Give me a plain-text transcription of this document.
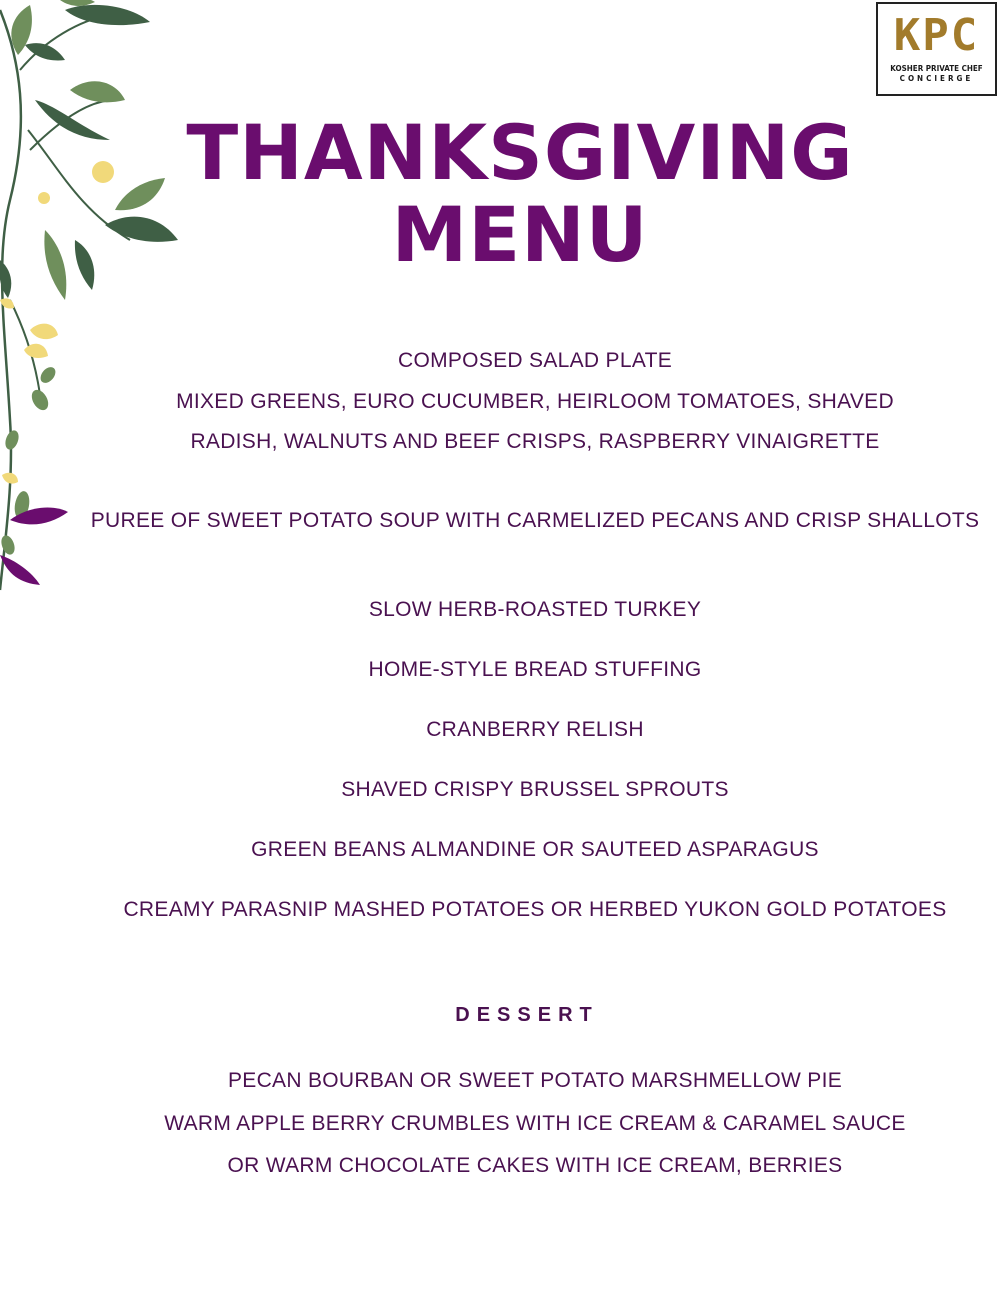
KPC
KOSHER PRIVATE CHEF
CONCIERGE
THANKSGIVING
MENU
COMPOSED SALAD PLATE
MIXED GREENS, EURO CUCUMBER, HEIRLOOM TOMATOES, SHAVED
RADISH, WALNUTS AND BEEF CRISPS, RASPBERRY VINAIGRETTE
PUREE OF SWEET POTATO SOUP WITH CARMELIZED PECANS AND CRISP SHALLOTS
SLOW HERB-ROASTED TURKEY
HOME-STYLE BREAD STUFFING
CRANBERRY RELISH
SHAVED CRISPY BRUSSEL SPROUTS
GREEN BEANS ALMANDINE OR SAUTEED ASPARAGUS
CREAMY PARASNIP MASHED POTATOES OR HERBED YUKON GOLD POTATOES
DESSERT
PECAN BOURBAN OR SWEET POTATO MARSHMELLOW PIE
WARM APPLE BERRY CRUMBLES WITH ICE CREAM & CARAMEL SAUCE
OR WARM CHOCOLATE CAKES WITH ICE CREAM, BERRIES
